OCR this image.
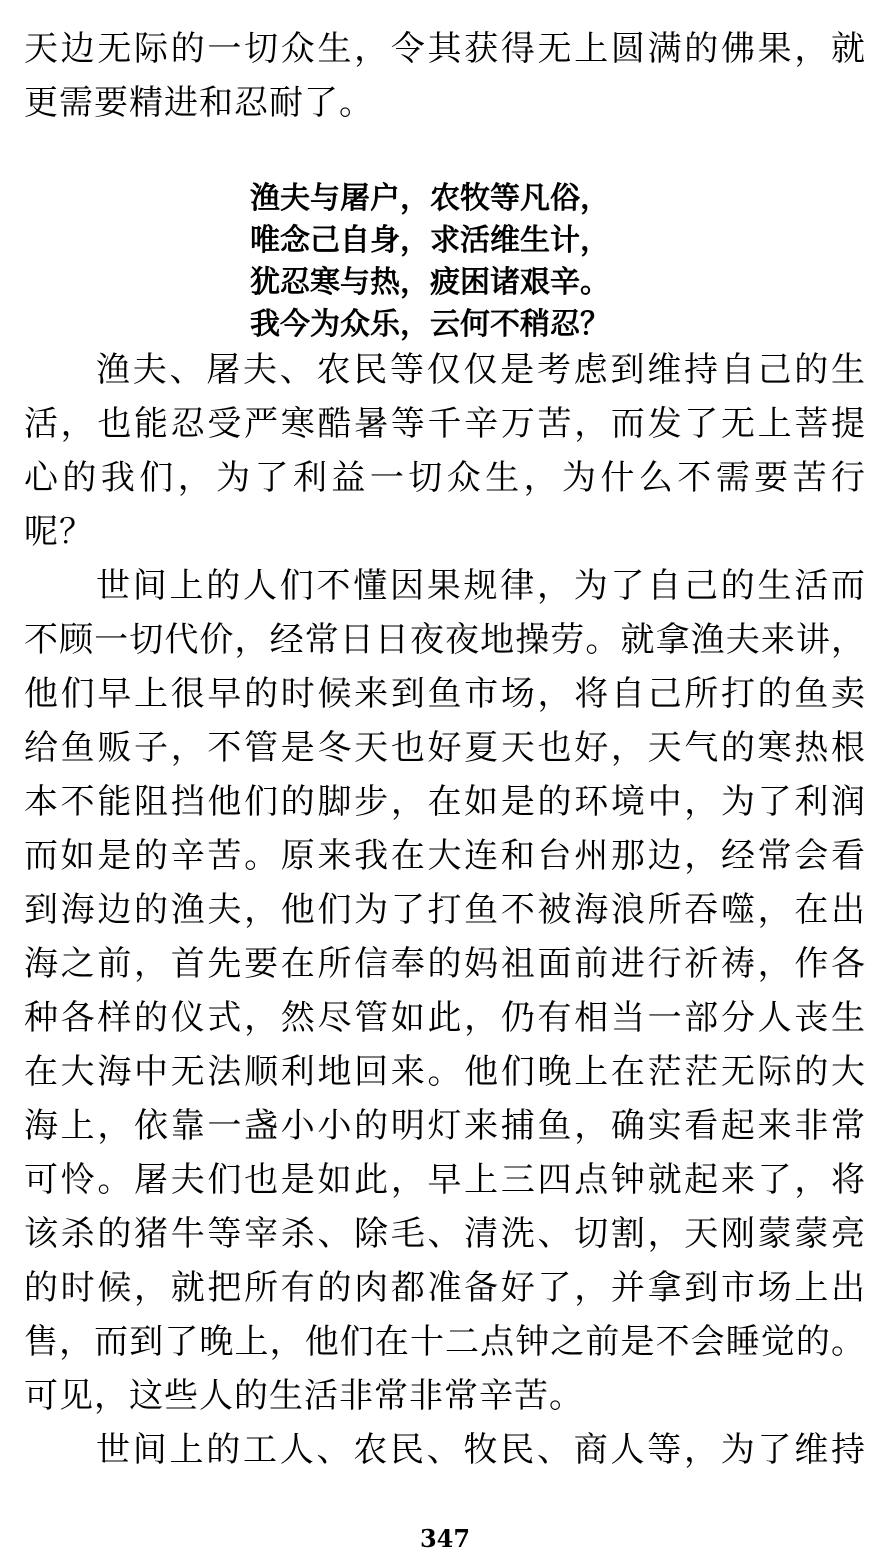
天边无际的一切众生，令其获得无上圆满的佛果，就
更需要精进和忍耐了。
渔夫与屠户，农牧等凡俗，
唯念己自身，求活维生计，
犹忍寒与热，疲困诸艰辛。
我今为众乐，云何不稍忍？
渔夫、屠夫、农民等仅仅是考虑到维持自己的生
活，也能忍受严寒酷暑等千辛万苦，而发了无上菩提
心的我们，为了利益一切众生，为什么不需要苦行
呢？
世间上的人们不懂因果规律，为了自己的生活而
不顾一切代价，经常日日夜夜地操劳。就拿渔夫来讲，
他们早上很早的时候来到鱼市场，将自己所打的鱼卖
给鱼贩子，不管是冬天也好夏天也好，天气的寒热根
本不能阻挡他们的脚步，在如是的环境中，为了利润
而如是的辛苦。原来我在大连和台州那边，经常会看
到海边的渔夫，他们为了打鱼不被海浪所吞噬，在出
海之前，首先要在所信奉的妈祖面前进行祈祷，作各
种各样的仪式，然尽管如此，仍有相当一部分人丧生
在大海中无法顺利地回来。他们晚上在茫茫无际的大
海上，依靠一盏小小的明灯来捕鱼，确实看起来非常
可怜。屠夫们也是如此，早上三四点钟就起来了，将
该杀的猪牛等宰杀、除毛、清洗、切割，天刚蒙蒙亮
的时候，就把所有的肉都准备好了，并拿到市场上出
售，而到了晚上，他们在十二点钟之前是不会睡觉的。
可见，这些人的生活非常非常辛苦。
世间上的工人、农民、牧民、商人等，为了维持
347
